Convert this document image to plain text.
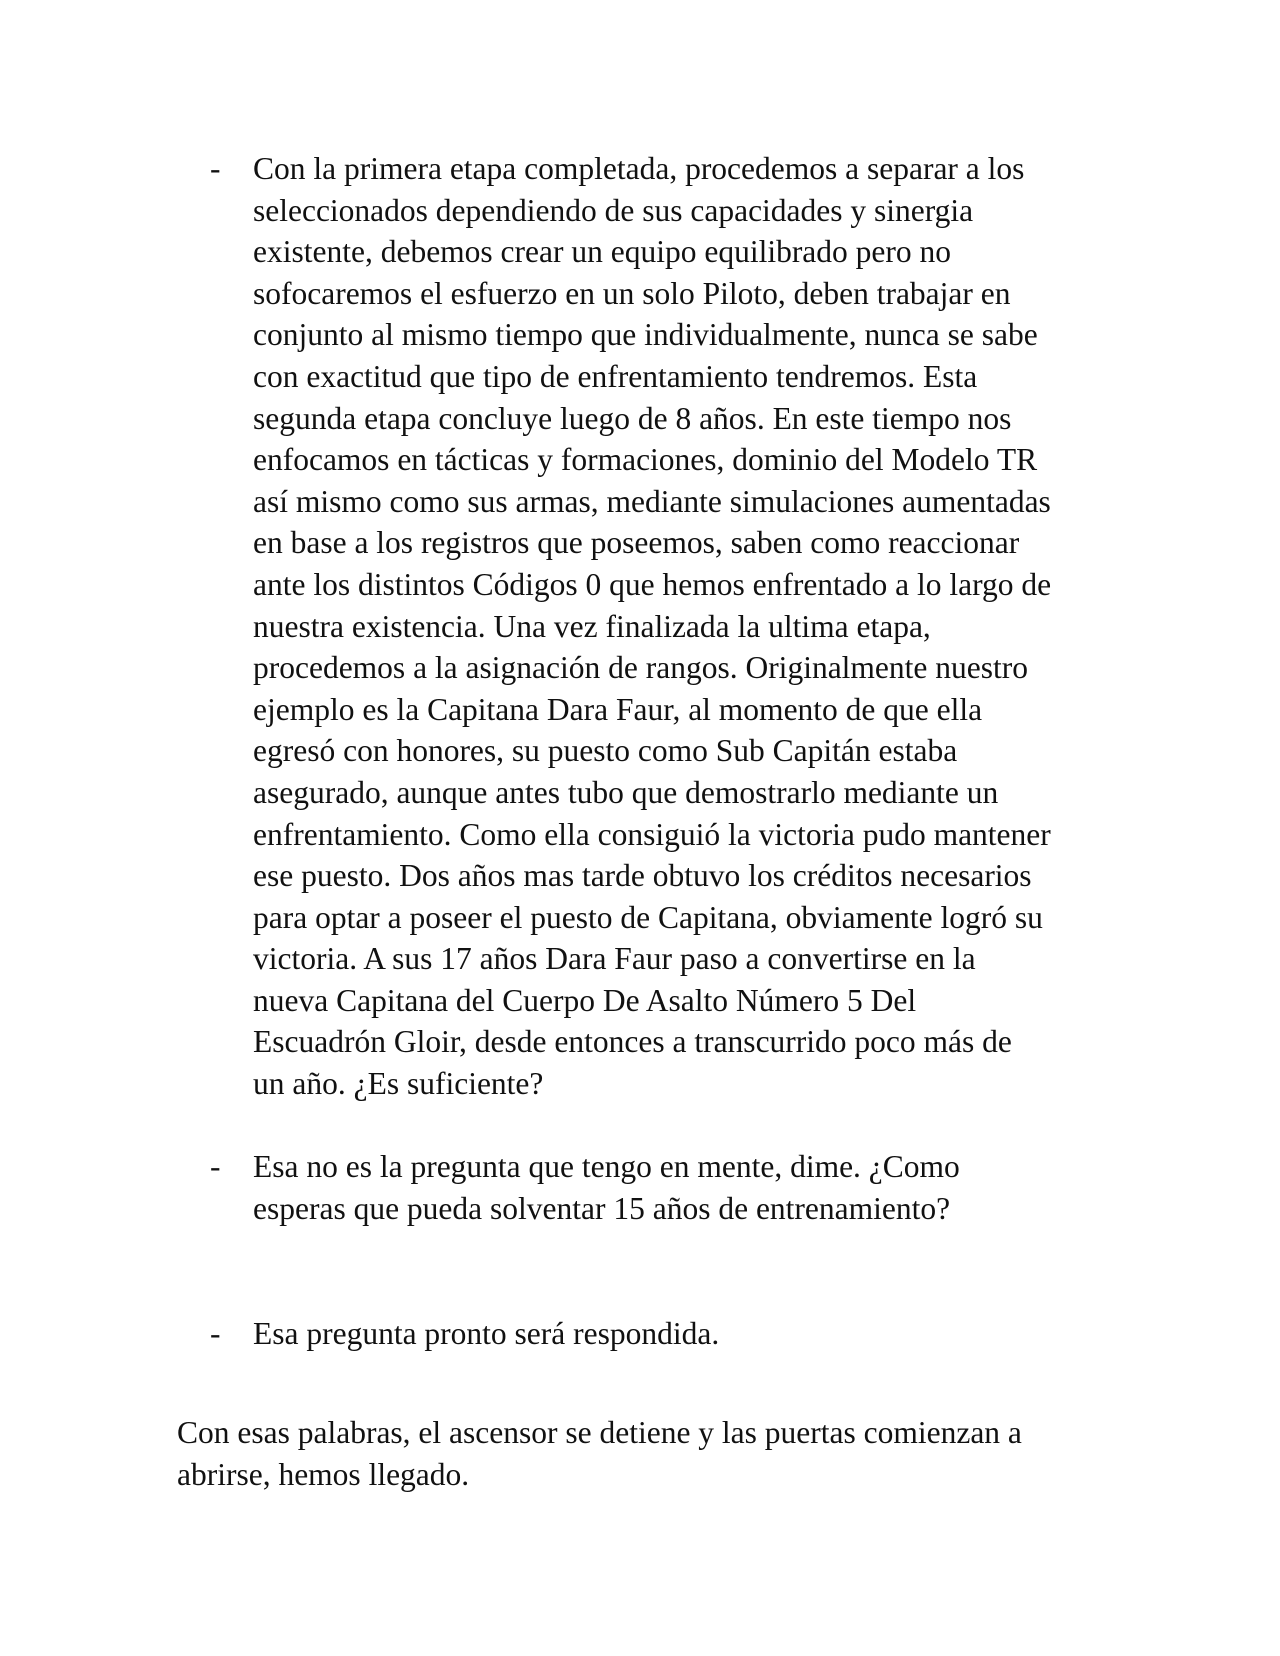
-	Con la primera etapa completada, procedemos a separar a los
seleccionados dependiendo de sus capacidades y sinergia
existente, debemos crear un equipo equilibrado pero no
sofocaremos el esfuerzo en un solo Piloto, deben trabajar en
conjunto al mismo tiempo que individualmente, nunca se sabe
con exactitud que tipo de enfrentamiento tendremos. Esta
segunda etapa concluye luego de 8 años. En este tiempo nos
enfocamos en tácticas y formaciones, dominio del Modelo TR
así mismo como sus armas, mediante simulaciones aumentadas
en base a los registros que poseemos, saben como reaccionar
ante los distintos Códigos 0 que hemos enfrentado a lo largo de
nuestra existencia. Una vez finalizada la ultima etapa,
procedemos a la asignación de rangos. Originalmente nuestro
ejemplo es la Capitana Dara Faur, al momento de que ella
egresó con honores, su puesto como Sub Capitán estaba
asegurado, aunque antes tubo que demostrarlo mediante un
enfrentamiento. Como ella consiguió la victoria pudo mantener
ese puesto. Dos años mas tarde obtuvo los créditos necesarios
para optar a poseer el puesto de Capitana, obviamente logró su
victoria. A sus 17 años Dara Faur paso a convertirse en la
nueva Capitana del Cuerpo De Asalto Número 5 Del
Escuadrón Gloir, desde entonces a transcurrido poco más de
un año. ¿Es suficiente?
-	Esa no es la pregunta que tengo en mente, dime. ¿Como
esperas que pueda solventar 15 años de entrenamiento?
-	Esa pregunta pronto será respondida.
Con esas palabras, el ascensor se detiene y las puertas comienzan a
abrirse, hemos llegado.
